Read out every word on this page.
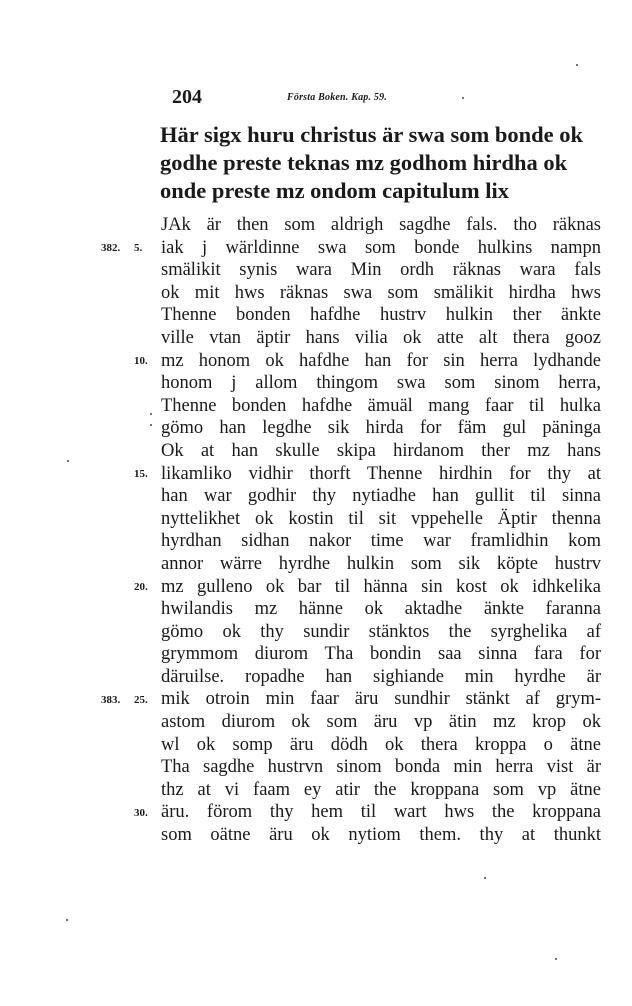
204	Första Boken. Kap. 59.
Här sigx huru christus är swa som bonde ok
godhe preste teknas mz godhom hirdha ok
onde preste mz ondom capitulum lix
JAk är then som aldrigh sagdhe fals. tho räknas
iak j wärldinne swa som bonde hulkins nampn
smälikit synis wara Min ordh räknas wara fals
ok mit hws räknas swa som smälikit hirdha hws
Thenne bonden hafdhe hustrv hulkin ther änkte
ville vtan äptir hans vilia ok atte alt thera gooz
mz honom ok hafdhe han for sin herra lydhande
honom j allom thingom swa som sinom herra,
Thenne bonden hafdhe ämuäl mang faar til hulka
gömo han legdhe sik hirda for fäm gul päninga
Ok at han skulle skipa hirdanom ther mz hans
likamliko vidhir thorft Thenne hirdhin for thy at
han war godhir thy nytiadhe han gullit til sinna
nyttelikhet ok kostin til sit vppehelle Äptir thenna
hyrdhan sidhan nakor time war framlidhin kom
annor wärre hyrdhe hulkin som sik köpte hustrv
mz gulleno ok bar til hänna sin kost ok idhkelika
hwilandis mz hänne ok aktadhe änkte faranna
gömo ok thy sundir stänktos the syrghelika af
grymmom diurom Tha bondin saa sinna fara for
däruilse. ropadhe han sighiande min hyrdhe är
mik otroin min faar äru sundhir stänkt af grym-
astom diurom ok som äru vp ätin mz krop ok
wl ok somp äru dödh ok thera kroppa o ätne
Tha sagdhe hustrvn sinom bonda min herra vist är
thz at vi faam ey atir the kroppana som vp ätne
äru. förom thy hem til wart hws the kroppana
som oätne äru ok nytiom them. thy at thunkt
5.
10.
15.
20.
25.
30.
382.
383.
